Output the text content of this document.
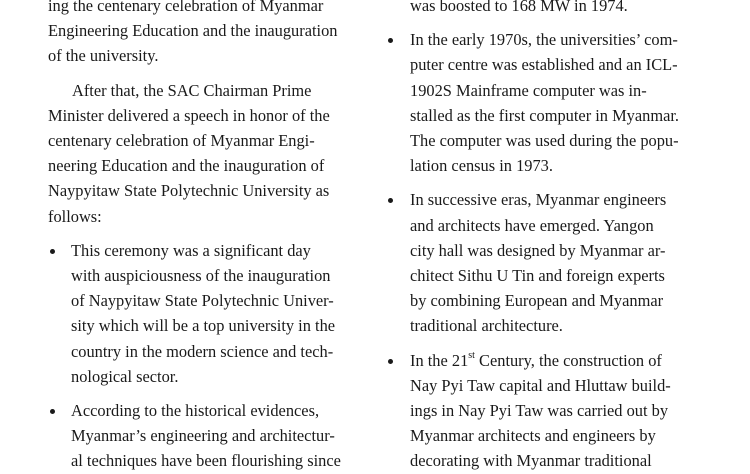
ing the centenary celebration of Myanmar
Engineering Education and the inauguration
of the university.

After that, the SAC Chairman Prime
Minister delivered a speech in honor of the
centenary celebration of Myanmar Engi-
neering Education and the inauguration of
Naypyitaw State Polytechnic University as
follows:

This ceremony was a significant day
with auspiciousness of the inauguration
of Naypyitaw State Polytechnic Univer-
sity which will be a top university in the
country in the modern science and tech-
nological sector.

According to the historical evidences,
Myanmar’s engineering and architectur-
al techniques have been flourishing since

was boosted to 168 MW in 1974.

In the early 1970s, the universities’ com-
puter centre was established and an ICL-
1902S Mainframe computer was in-
stalled as the first computer in Myanmar.
The computer was used during the popu-
lation census in 1973.

In successive eras, Myanmar engineers
and architects have emerged. Yangon
city hall was designed by Myanmar ar-
chitect Sithu U Tin and foreign experts
by combining European and Myanmar
traditional architecture.

In the 21st Century, the construction of
Nay Pyi Taw capital and Hluttaw build-
ings in Nay Pyi Taw was carried out by
Myanmar architects and engineers by
decorating with Myanmar traditional
